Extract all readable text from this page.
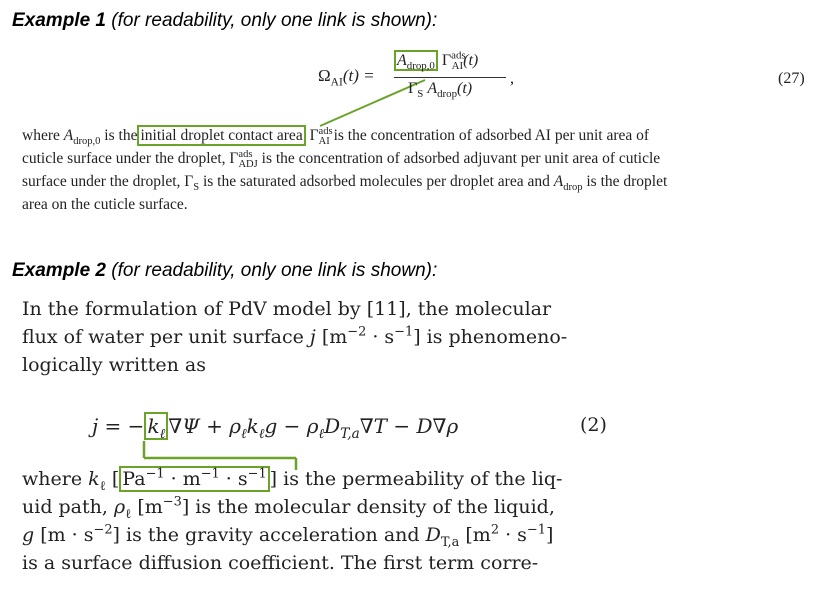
Example 1 (for readability, only one link is shown):
$\Omega_{AI}(t)$ =
$A_{drop,0}$ $\Gamma^{ads}_{AI}(t)$
$\Gamma_S$ $A_{drop}(t)$
,	(27)
where $A_{drop,0}$ is the initial droplet contact area $\Gamma^{ads}_{AI}$ is the concentration of adsorbed AI per unit area of
cuticle surface under the droplet, $\Gamma^{ads}_{ADJ}$ is the concentration of adsorbed adjuvant per unit area of cuticle
surface under the droplet, $\Gamma_S$ is the saturated adsorbed molecules per droplet area and $A_{drop}$ is the droplet
area on the cuticle surface.
Example 2 (for readability, only one link is shown):
In the formulation of PdV model by [11], the molecular
flux of water per unit surface j $[m^{-2} \cdot s^{-1}]$ is phenomeno-
logically written as
j = − $k_\ell$ $\nabla\Psi + \rho_\ell k_\ell g - \rho_\ell D_{T,a}\nabla T - D\nabla\rho$	(2)
where $k_\ell$ [ $Pa^{-1} \cdot m^{-1} \cdot s^{-1}$ ] is the permeability of the liq-
uid path, $\rho_\ell$ $[m^{-3}]$ is the molecular density of the liquid,
g $[m \cdot s^{-2}]$ is the gravity acceleration and $D_{T,a}$ $[m^2 \cdot s^{-1}]$
is a surface diffusion coefficient. The first term corre-
